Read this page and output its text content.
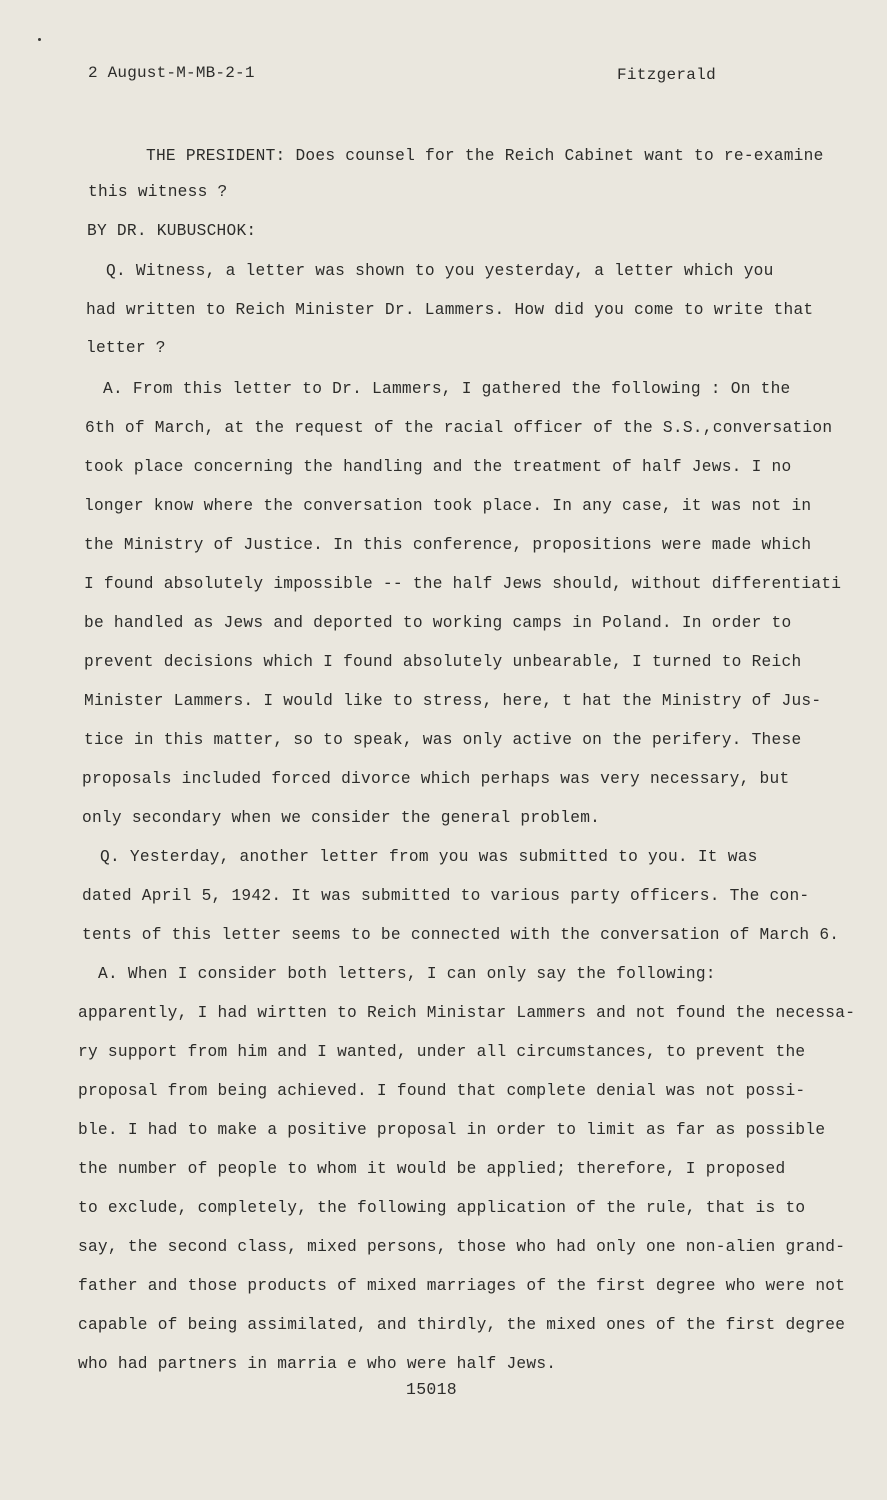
2 August-M-MB-2-1	Fitzgerald
THE PRESIDENT: Does counsel for the Reich Cabinet want to re-examine
this witness ?
BY DR. KUBUSCHOK:
Q. Witness, a letter was shown to you yesterday, a letter which you
had written to Reich Minister Dr. Lammers. How did you come to write that
letter ?
A. From this letter to Dr. Lammers, I gathered the following : On the
6th of March, at the request of the racial officer of the S.S.,conversation
took place concerning the handling and the treatment of half Jews. I no
longer know where the conversation took place. In any case, it was not in
the Ministry of Justice. In this conference, propositions were made which
I found absolutely impossible -- the half Jews should, without differentiati
be handled as Jews and deported to working camps in Poland. In order to
prevent decisions which I found absolutely unbearable, I turned to Reich
Minister Lammers. I would like to stress, here, t hat the Ministry of Jus-
tice in this matter, so to speak, was only active on the perifery. These
proposals included forced divorce which perhaps was very necessary, but
only secondary when we consider the general problem.
Q. Yesterday, another letter from you was submitted to you. It was
dated April 5, 1942. It was submitted to various party officers. The con-
tents of this letter seems to be connected with the conversation of March 6.
A. When I consider both letters, I can only say the following:
apparently, I had wirtten to Reich Ministar Lammers and not found the necessa-
ry support from him and I wanted, under all circumstances, to prevent the
proposal from being achieved. I found that complete denial was not possi-
ble. I had to make a positive proposal in order to limit as far as possible
the number of people to whom it would be applied; therefore, I proposed
to exclude, completely, the following application of the rule, that is to
say, the second class, mixed persons, those who had only one non-alien grand-
father and those products of mixed marriages of the first degree who were not
capable of being assimilated, and thirdly, the mixed ones of the first degree
who had partners in marria e who were half Jews.
15018
